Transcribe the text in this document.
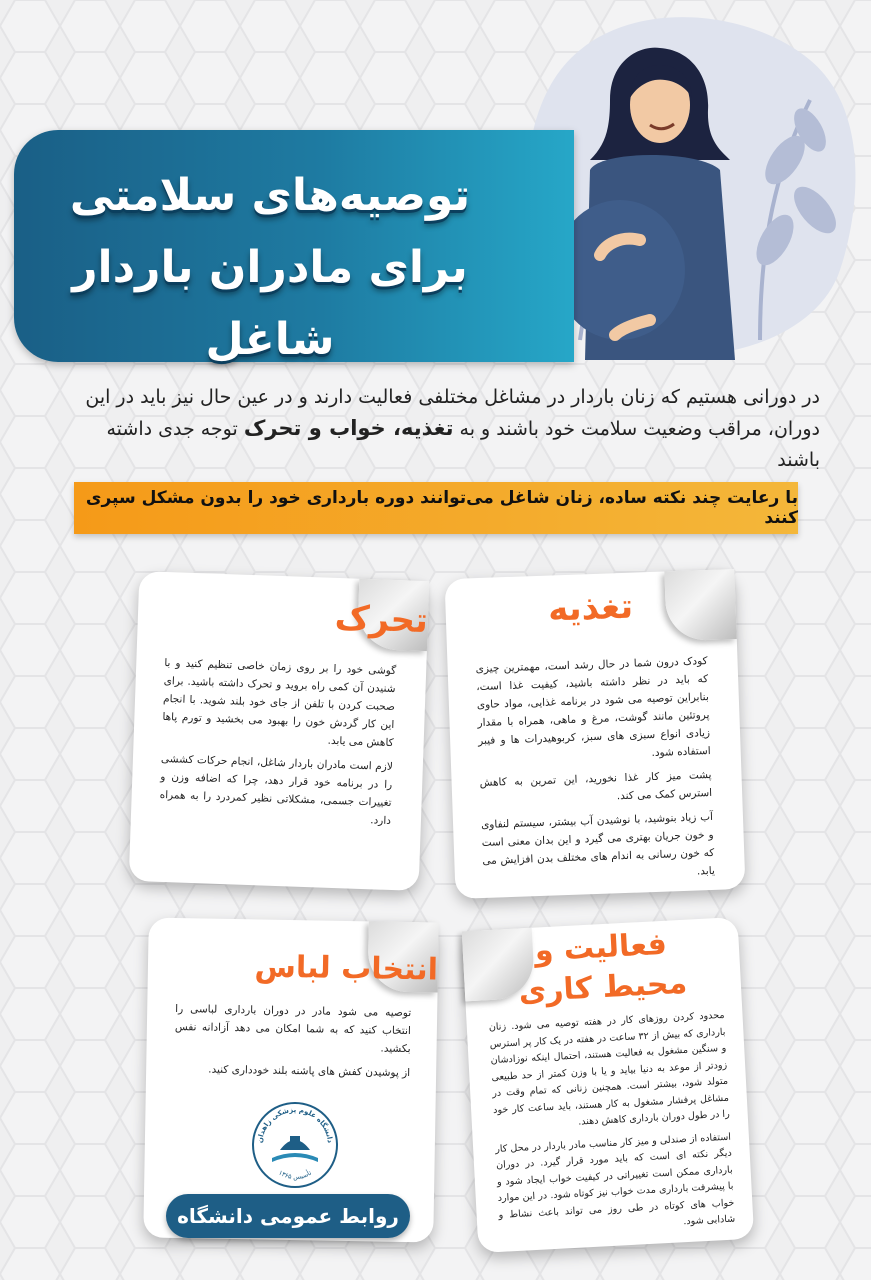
توصیه‌های سلامتی
برای مادران باردار شاغل
در دورانی هستیم که زنان باردار در مشاغل مختلفی فعالیت دارند و در عین حال نیز باید در این دوران، مراقب وضعیت سلامت خود باشند و به تغذیه، خواب و تحرک توجه جدی داشته باشند
با رعایت چند نکته ساده، زنان شاغل می‌توانند دوره بارداری خود را بدون مشکل سپری کنند
تغذیه

کودک درون شما در حال رشد است، مهمترین چیزی که باید در نظر داشته باشید، کیفیت غذا است، بنابراین توصیه می شود در برنامه غذایی، مواد حاوی پروتئین مانند گوشت، مرغ و ماهی، همراه با مقدار زیادی انواع سبزی های سبز، کربوهیدرات ها و فیبر استفاده شود.

پشت میز کار غذا نخورید، این تمرین به کاهش استرس کمک می کند.

آب زیاد بنوشید، با نوشیدن آب بیشتر، سیستم لنفاوی و خون جریان بهتری می گیرد و این بدان معنی است که خون رسانی به اندام های مختلف بدن افزایش می یابد.

تحرک

گوشی خود را بر روی زمان خاصی تنظیم کنید و با شنیدن آن کمی راه بروید و تحرک داشته باشید. برای صحبت کردن با تلفن از جای خود بلند شوید. با انجام این کار گردش خون را بهبود می بخشید و تورم پاها کاهش می یابد.

لازم است مادران باردار شاغل، انجام حرکات کششی را در برنامه خود قرار دهد، چرا که اضافه وزن و تغییرات جسمی، مشکلاتی نظیر کمردرد را به همراه دارد.

فعالیت و
محیط کاری

محدود کردن روزهای کار در هفته توصیه می شود. زنان بارداری که بیش از ۳۲ ساعت در هفته در یک کار پر استرس و سنگین مشغول به فعالیت هستند، احتمال اینکه نوزادشان زودتر از موعد به دنیا بیاید و یا با وزن کمتر از حد طبیعی متولد شود، بیشتر است. همچنین زنانی که تمام وقت در مشاغل پرفشار مشغول به کار هستند، باید ساعت کار خود را در طول دوران بارداری کاهش دهند.

استفاده از صندلی و میز کار مناسب مادر باردار در محل کار دیگر نکته ای است که باید مورد قرار گیرد. در دوران بارداری ممکن است تغییراتی در کیفیت خواب ایجاد شود و با پیشرفت بارداری مدت خواب نیز کوتاه شود. در این موارد خواب های کوتاه در طی روز می تواند باعث نشاط و شادابی شود.

انتخاب لباس

توصیه می شود مادر در دوران بارداری لباسی را انتخاب کنید که به شما امکان می دهد آزادانه نفس بکشید.

از پوشیدن کفش های پاشنه بلند خودداری کنید.

دانشگاه علوم پزشکی زاهدان
تأسیس ۱۳۶۵
روابط عمومی دانشگاه
